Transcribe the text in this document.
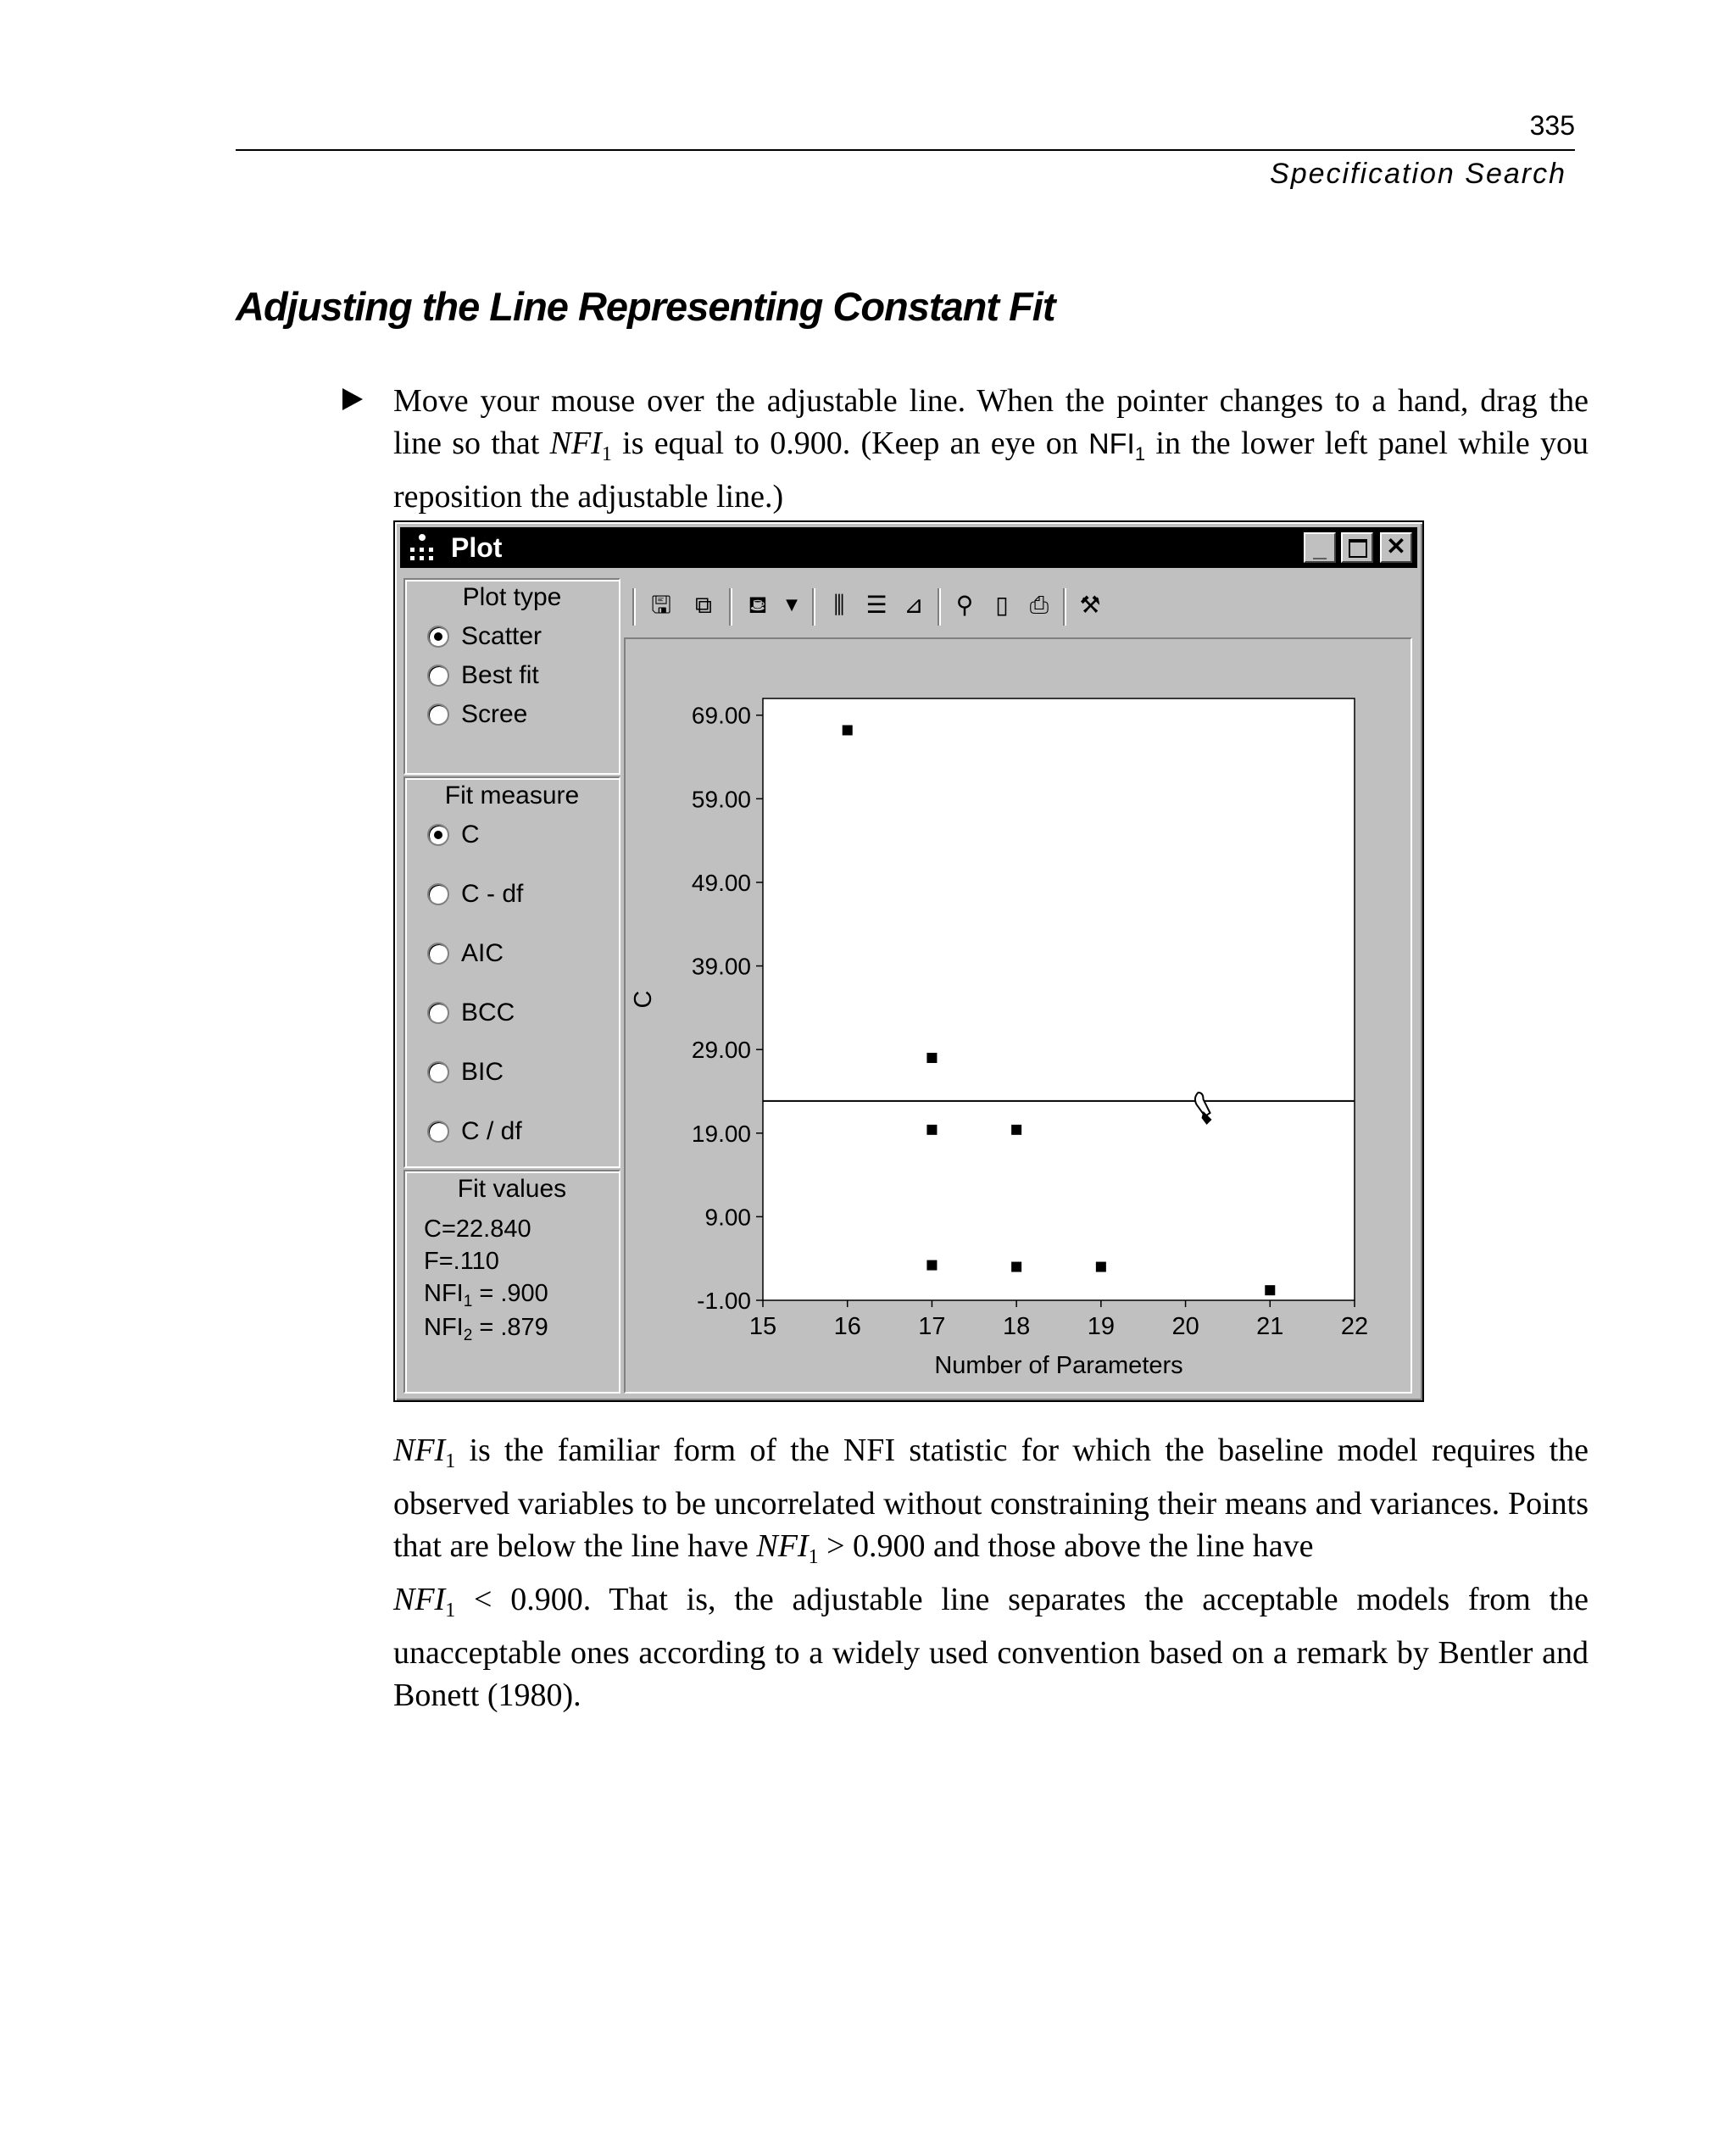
335
Specification Search
Adjusting the Line Representing Constant Fit
Move your mouse over the adjustable line. When the pointer changes to a hand, drag the line so that $NFI_1$ is equal to 0.900. (Keep an eye on $NFI_1$ in the lower left panel while you reposition the adjustable line.)
Plot	_	✕
Plot type
Scatter
Best fit
Scree
Fit measure
C
C - df
AIC
BCC
BIC
C / df
Fit values
C=22.840
F=.110
$NFI_1 = .900$
$NFI_2 = .879$
🖫 ⧉ ⛾	▼	⫼ ☰ ⊿ ⚲ ▯ ⎙ ⚒
69.00
59.00
49.00
39.00
29.00
19.00
9.00
-1.00
15 16 17 18 19 20 21 22
Number of Parameters
C
$NFI_1$ is the familiar form of the NFI statistic for which the baseline model requires the observed variables to be uncorrelated without constraining their means and variances. Points that are below the line have $NFI_1 > 0.900$ and those above the line have
$NFI_1 < 0.900$. That is, the adjustable line separates the acceptable models from the unacceptable ones according to a widely used convention based on a remark by Bentler and Bonett (1980).
